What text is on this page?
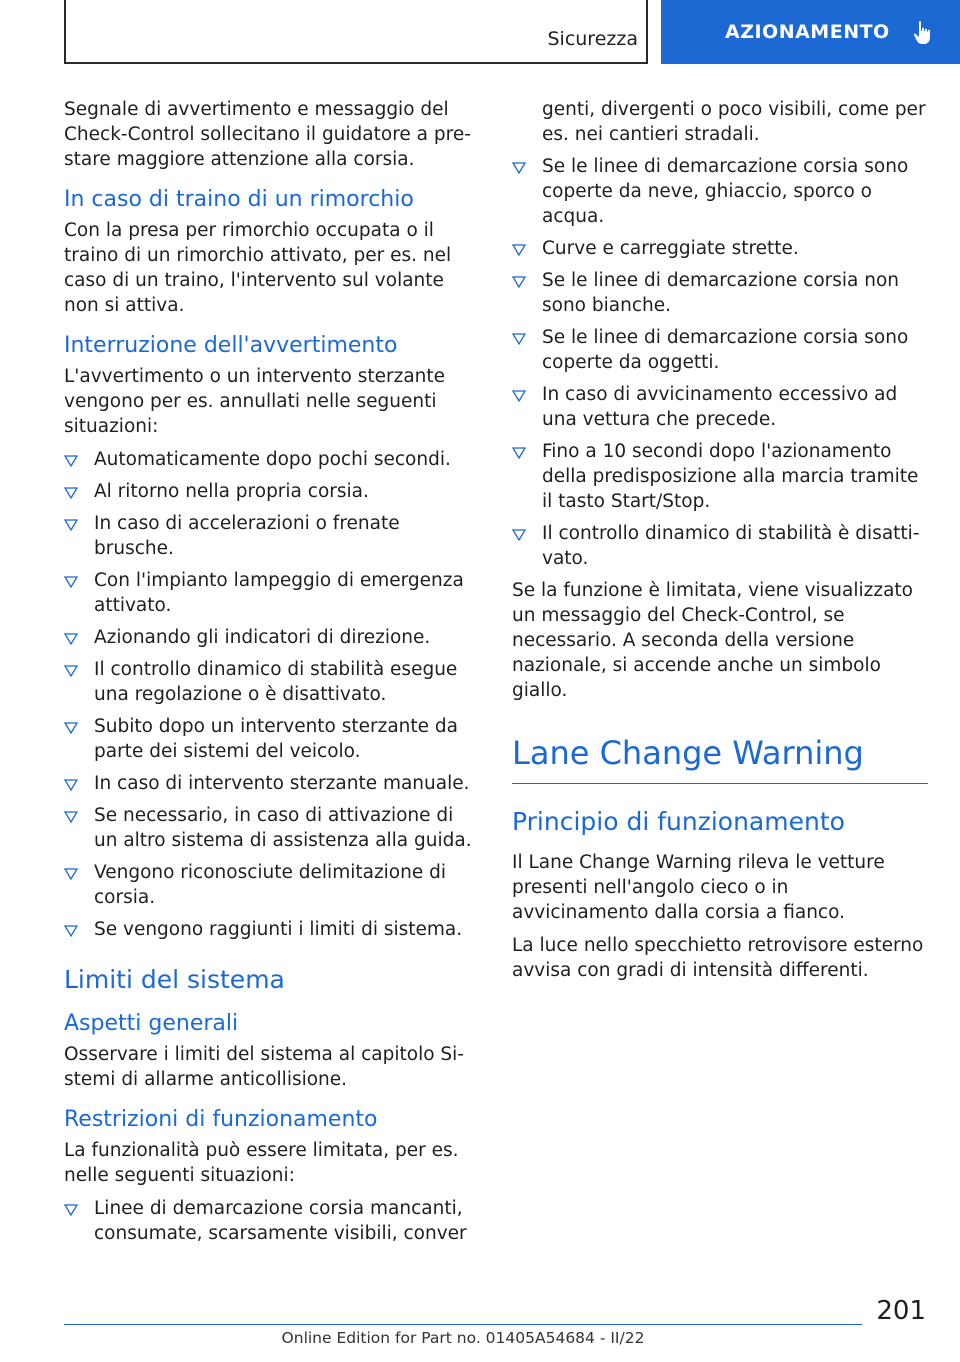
Sicurezza	AZIONAMENTO

Segnale di avvertimento e messaggio del Check-Control sollecitano il guidatore a prestare maggiore attenzione alla corsia.

In caso di traino di un rimorchio

Con la presa per rimorchio occupata o il traino di un rimorchio attivato, per es. nel caso di un traino, l'intervento sul volante non si attiva.

Interruzione dell'avvertimento

L'avvertimento o un intervento sterzante vengono per es. annullati nelle seguenti situazioni:

Automaticamente dopo pochi secondi.
Al ritorno nella propria corsia.
In caso di accelerazioni o frenate brusche.
Con l'impianto lampeggio di emergenza attivato.
Azionando gli indicatori di direzione.
Il controllo dinamico di stabilità esegue una regolazione o è disattivato.
Subito dopo un intervento sterzante da parte dei sistemi del veicolo.
In caso di intervento sterzante manuale.
Se necessario, in caso di attivazione di un altro sistema di assistenza alla guida.
Vengono riconosciute delimitazione di corsia.
Se vengono raggiunti i limiti di sistema.
Limiti del sistema
Aspetti generali

Osservare i limiti del sistema al capitolo Sistemi di allarme anticollisione.

Restrizioni di funzionamento

La funzionalità può essere limitata, per es. nelle seguenti situazioni:

Linee di demarcazione corsia mancanti, consumate, scarsamente visibili, conver
genti, divergenti o poco visibili, come per es. nei cantieri stradali.
Se le linee di demarcazione corsia sono coperte da neve, ghiaccio, sporco o acqua.
Curve e carreggiate strette.
Se le linee di demarcazione corsia non sono bianche.
Se le linee di demarcazione corsia sono coperte da oggetti.
In caso di avvicinamento eccessivo ad una vettura che precede.
Fino a 10 secondi dopo l'azionamento della predisposizione alla marcia tramite il tasto Start/Stop.
Il controllo dinamico di stabilità è disattivato.

Se la funzione è limitata, viene visualizzato un messaggio del Check-Control, se necessario. A seconda della versione nazionale, si accende anche un simbolo giallo.

Lane Change Warning
Principio di funzionamento

Il Lane Change Warning rileva le vetture presenti nell'angolo cieco o in avvicinamento dalla corsia a fianco.

La luce nello specchietto retrovisore esterno avvisa con gradi di intensità differenti.

201
Online Edition for Part no. 01405A54684 - II/22
